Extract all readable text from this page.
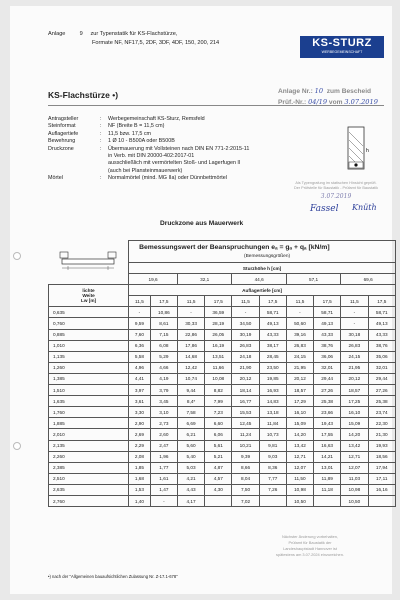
Anlage	9 zur Typenstatik für KS-Flachstürze,
Formate NF, NF17,5, 2DF, 3DF, 4DF, 150, 200, 214	KS-STURZ
WERBEGEMEINSCHAFT
KS-Flachstürze •)	Anlage Nr.: 10 zum Bescheid
Prüf.-Nr.: 04/19 vom 3.07.2019
Antragsteller	:	Werbegemeinschaft KS-Sturz, Remsfeld
Steinformat	:	NF (Breite B = 11,5 cm)
Auflagertiefe	:	11,5 bzw. 17,5 cm
Bewehrung	:	1 Ø 10 - B500A oder B500B
Druckzone	:	Übermauerung mit Vollsteinen nach DIN EN 771-2:2015-11
in Verb. mit DIN 20000-402:2017-01
ausschließlich mit vermörtelten Stoß- und Lagerfugen II
(auch bei Plansteinmauerwerk)
Mörtel	:	Normalmörtel (mind. MG IIa) oder Dünnbettmörtel
h
Als Typengrafung im statischen Hinsicht geprüft. Der Prüfstelle für Baustatik - Prüfamt für Baustatik
3.07.2019
Fassel Knüth
Druckzone aus Mauerwerk
	Bemessungswert der Beanspruchungen eₐ = gₐ + qₐ [kN/m]
(Bemessungsgrößen)									

	Sturzhöhe h [cm]									
	19,6		32,1		44,6		57,1		69,6	

lichte
Weite
Lw [m]	Auflagertiefe [cm]									
	11,5	17,5	11,5	17,5	11,5	17,5	11,5	17,5	11,5	17,5
0,635	-	10,86	-	36,59	-	58,71	-	58,71	-	58,71
0,760	9,59	8,61	30,33	28,19	34,50	49,13	50,60	49,13	-	49,13
0,885	7,60	7,15	22,86	26,05	30,19	43,33	39,16	43,33	30,18	43,33
1,010	6,36	6,08	17,86	16,19	26,83	38,17	26,83	38,76	26,83	38,76
1,135	5,58	5,29	14,68	13,51	24,18	28,45	24,15	36,06	24,15	35,06
1,260	4,96	4,66	12,42	11,66	21,90	23,50	21,95	32,01	21,95	32,01
1,385	4,41	4,19	10,74	10,08	20,12	19,85	20,12	29,44	20,12	29,44
1,510	3,97	3,79	9,44	8,82	18,14	16,93	18,57	27,26	18,57	27,26
1,635	3,61	3,45	8,4*	7,99	16,77	14,83	17,29	25,38	17,25	25,38
1,760	3,30	3,10	7,58	7,23	15,53	13,18	16,10	23,66	16,10	23,74
1,885	2,90	2,73	6,69	6,60	12,45	11,84	15,09	19,43	15,09	22,30
2,010	2,69	2,60	6,21	6,06	11,24	10,73	14,20	17,55	14,20	21,30
2,135	2,29	2,47	5,60	5,61	10,21	9,81	13,42	16,63	13,42	19,93
2,260	2,08	1,96	5,40	5,21	9,39	9,03	12,71	14,21	12,71	18,56
2,385	1,85	1,77	5,03	4,87	8,66	8,36	12,07	13,01	12,07	17,94
2,510	1,68	1,61	4,21	4,57	8,04	7,77	11,50	11,89	11,03	17,11
2,635	1,53	1,47	4,43	4,30	7,50	7,26	10,98	11,18	10,98	16,16
2,760	1,40	-	4,17		7,02		10,50		10,50	
•) nach der "Allgemeinen bauaufsichtlichen Zulassung Nr. Z-17.1-678"
Nächster Änderung vorbehalten,
Prüfamt für Baustatik der
Landeshauptstadt Hannover ist
spätestens am 3.07.2024 einzureichen.
